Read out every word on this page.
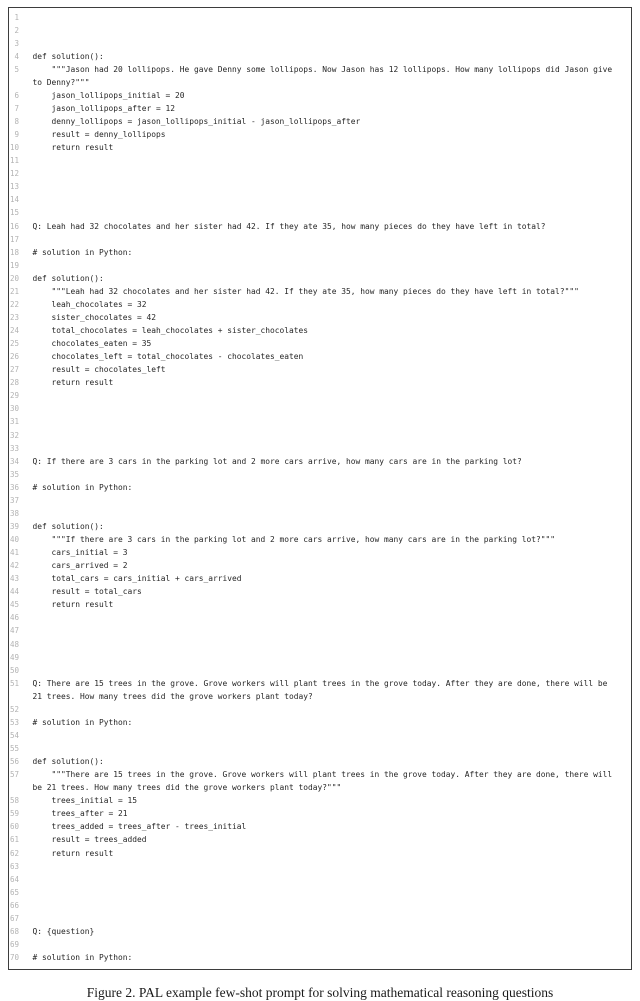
1
2
3
4 def solution():
5 """Jason had 20 lollipops. He gave Denny some lollipops. Now Jason has 12 lollipops. How many lollipops did Jason give
to Denny?"""
6 jason_lollipops_initial = 20
7 jason_lollipops_after = 12
8 denny_lollipops = jason_lollipops_initial - jason_lollipops_after
9 result = denny_lollipops
10 return result
11
12
13
14
15
16 Q: Leah had 32 chocolates and her sister had 42. If they ate 35, how many pieces do they have left in total?
17
18 # solution in Python:
19
20 def solution():
21 """Leah had 32 chocolates and her sister had 42. If they ate 35, how many pieces do they have left in total?"""
22 leah_chocolates = 32
23 sister_chocolates = 42
24 total_chocolates = leah_chocolates + sister_chocolates
25 chocolates_eaten = 35
26 chocolates_left = total_chocolates - chocolates_eaten
27 result = chocolates_left
28 return result
29
30
31
32
33
34 Q: If there are 3 cars in the parking lot and 2 more cars arrive, how many cars are in the parking lot?
35
36 # solution in Python:
37
38
39 def solution():
40 """If there are 3 cars in the parking lot and 2 more cars arrive, how many cars are in the parking lot?"""
41 cars_initial = 3
42 cars_arrived = 2
43 total_cars = cars_initial + cars_arrived
44 result = total_cars
45 return result
46
47
48
49
50
51 Q: There are 15 trees in the grove. Grove workers will plant trees in the grove today. After they are done, there will be
21 trees. How many trees did the grove workers plant today?
52
53 # solution in Python:
54
55
56 def solution():
57 """There are 15 trees in the grove. Grove workers will plant trees in the grove today. After they are done, there will
be 21 trees. How many trees did the grove workers plant today?"""
58 trees_initial = 15
59 trees_after = 21
60 trees_added = trees_after - trees_initial
61 result = trees_added
62 return result
63
64
65
66
67
68 Q: {question}
69
70 # solution in Python:
Figure 2. PAL example few-shot prompt for solving mathematical reasoning questions
